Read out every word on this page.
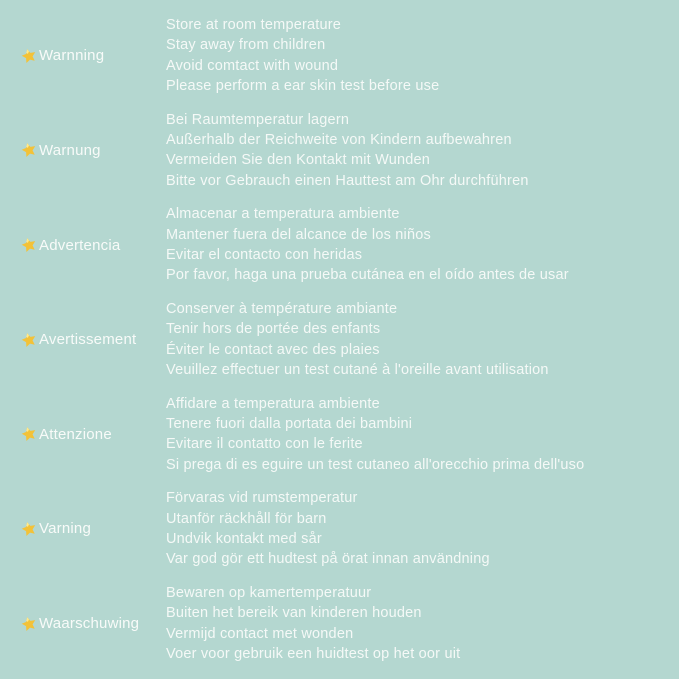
Warnning
Store at room temperature
Stay away from children
Avoid comtact with wound
Please perform a ear skin test before use
Warnung
Bei Raumtemperatur lagern
Außerhalb der Reichweite von Kindern aufbewahren
Vermeiden Sie den Kontakt mit Wunden
Bitte vor Gebrauch einen Hauttest am Ohr durchführen
Advertencia
Almacenar a temperatura ambiente
Mantener fuera del alcance de los niños
Evitar el contacto con heridas
Por favor, haga una prueba cutánea en el oído antes de usar
Avertissement
Conserver à température ambiante
Tenir hors de portée des enfants
Éviter le contact avec des plaies
Veuillez effectuer un test cutané à l'oreille avant utilisation
Attenzione
Affidare a temperatura ambiente
Tenere fuori dalla portata dei bambini
Evitare il contatto con le ferite
Si prega di es eguire un test cutaneo all'orecchio prima dell'uso
Varning
Förvaras vid rumstemperatur
Utanför räckhåll för barn
Undvik kontakt med sår
Var god gör ett hudtest på örat innan användning
Waarschuwing
Bewaren op kamertemperatuur
Buiten het bereik van kinderen houden
Vermijd contact met wonden
Voer voor gebruik een huidtest op het oor uit
